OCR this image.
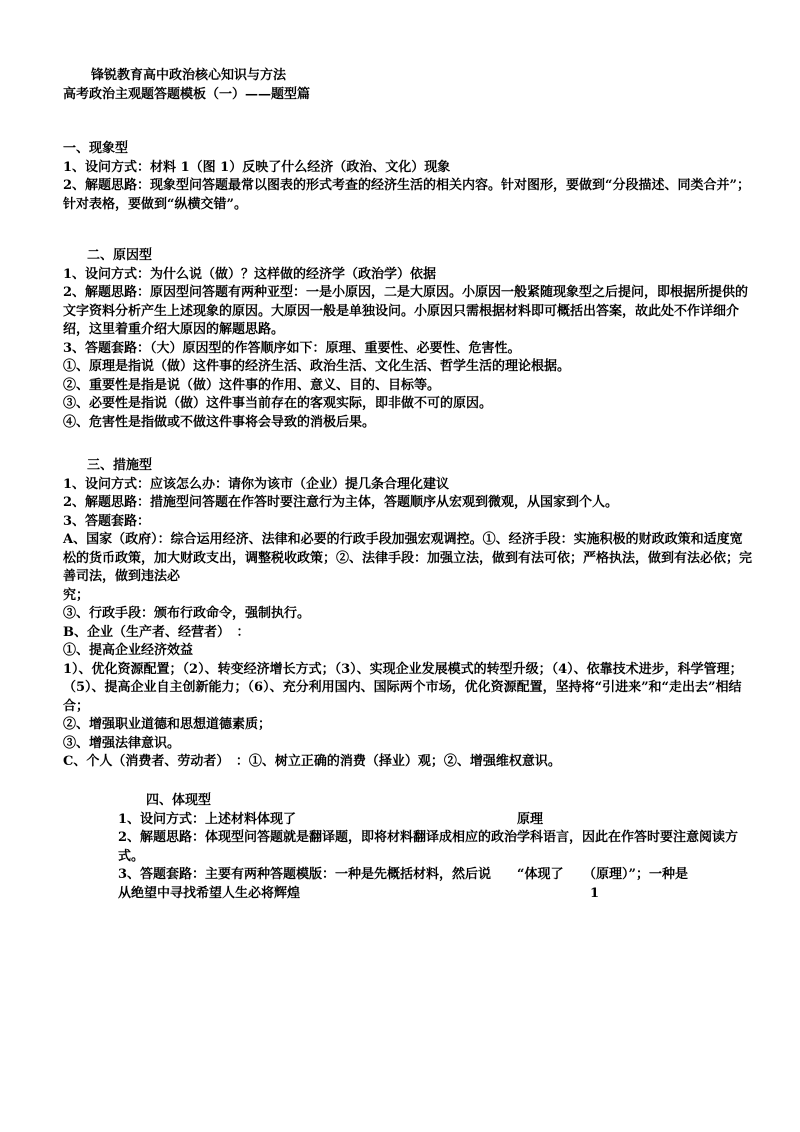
锋锐教育高中政治核心知识与方法

高考政治主观题答题模板（一）——题型篇

一、现象型

1、设问方式：材料 1（图 1）反映了什么经济（政治、文化）现象

2、解题思路：现象型问答题最常以图表的形式考查的经济生活的相关内容。针对图形，要做到“分段描述、同类合并”；针对表格，要做到“纵横交错”。

二、原因型

1、设问方式：为什么说（做）？这样做的经济学（政治学）依据

2、解题思路：原因型问答题有两种亚型：一是小原因，二是大原因。小原因一般紧随现象型之后提问，即根据所提供的文字资料分析产生上述现象的原因。大原因一般是单独设问。小原因只需根据材料即可概括出答案，故此处不作详细介绍，这里着重介绍大原因的解题思路。

3、答题套路：（大）原因型的作答顺序如下：原理、重要性、必要性、危害性。

①、原理是指说（做）这件事的经济生活、政治生活、文化生活、哲学生活的理论根据。

②、重要性是指是说（做）这件事的作用、意义、目的、目标等。

③、必要性是指说（做）这件事当前存在的客观实际，即非做不可的原因。

④、危害性是指做或不做这件事将会导致的消极后果。

三、措施型

1、设问方式：应该怎么办：请你为该市（企业）提几条合理化建议

2、解题思路：措施型问答题在作答时要注意行为主体，答题顺序从宏观到微观，从国家到个人。

3、答题套路：

A、国家（政府）：综合运用经济、法律和必要的行政手段加强宏观调控。①、经济手段：实施积极的财政政策和适度宽松的货币政策，加大财政支出，调整税收政策；②、法律手段：加强立法，做到有法可依；严格执法，做到有法必依；完善司法，做到违法必

究；

③、行政手段：颁布行政命令，强制执行。

B、企业（生产者、经营者）　：

①、提高企业经济效益

1）、优化资源配置；（2）、转变经济增长方式；（3）、实现企业发展模式的转型升级；（4）、依靠技术进步，科学管理；（5）、提高企业自主创新能力；（6）、充分利用国内、国际两个市场，优化资源配置，坚持将“引进来”和“走出去”相结合；

②、增强职业道德和思想道德素质；

③、增强法律意识。

C、个人（消费者、劳动者）　：①、树立正确的消费（择业）观；②、增强维权意识。

四、体现型

1、设问方式：上述材料体现了　　　　　　　　　　　　　　　　　原理

2、解题思路：体现型问答题就是翻译题，即将材料翻译成相应的政治学科语言，因此在作答时要注意阅读方式。

3、答题套路：主要有两种答题模版：一种是先概括材料，然后说　　“体现了　　（原理）”；一种是

从绝望中寻找希望人生必将辉煌	1
